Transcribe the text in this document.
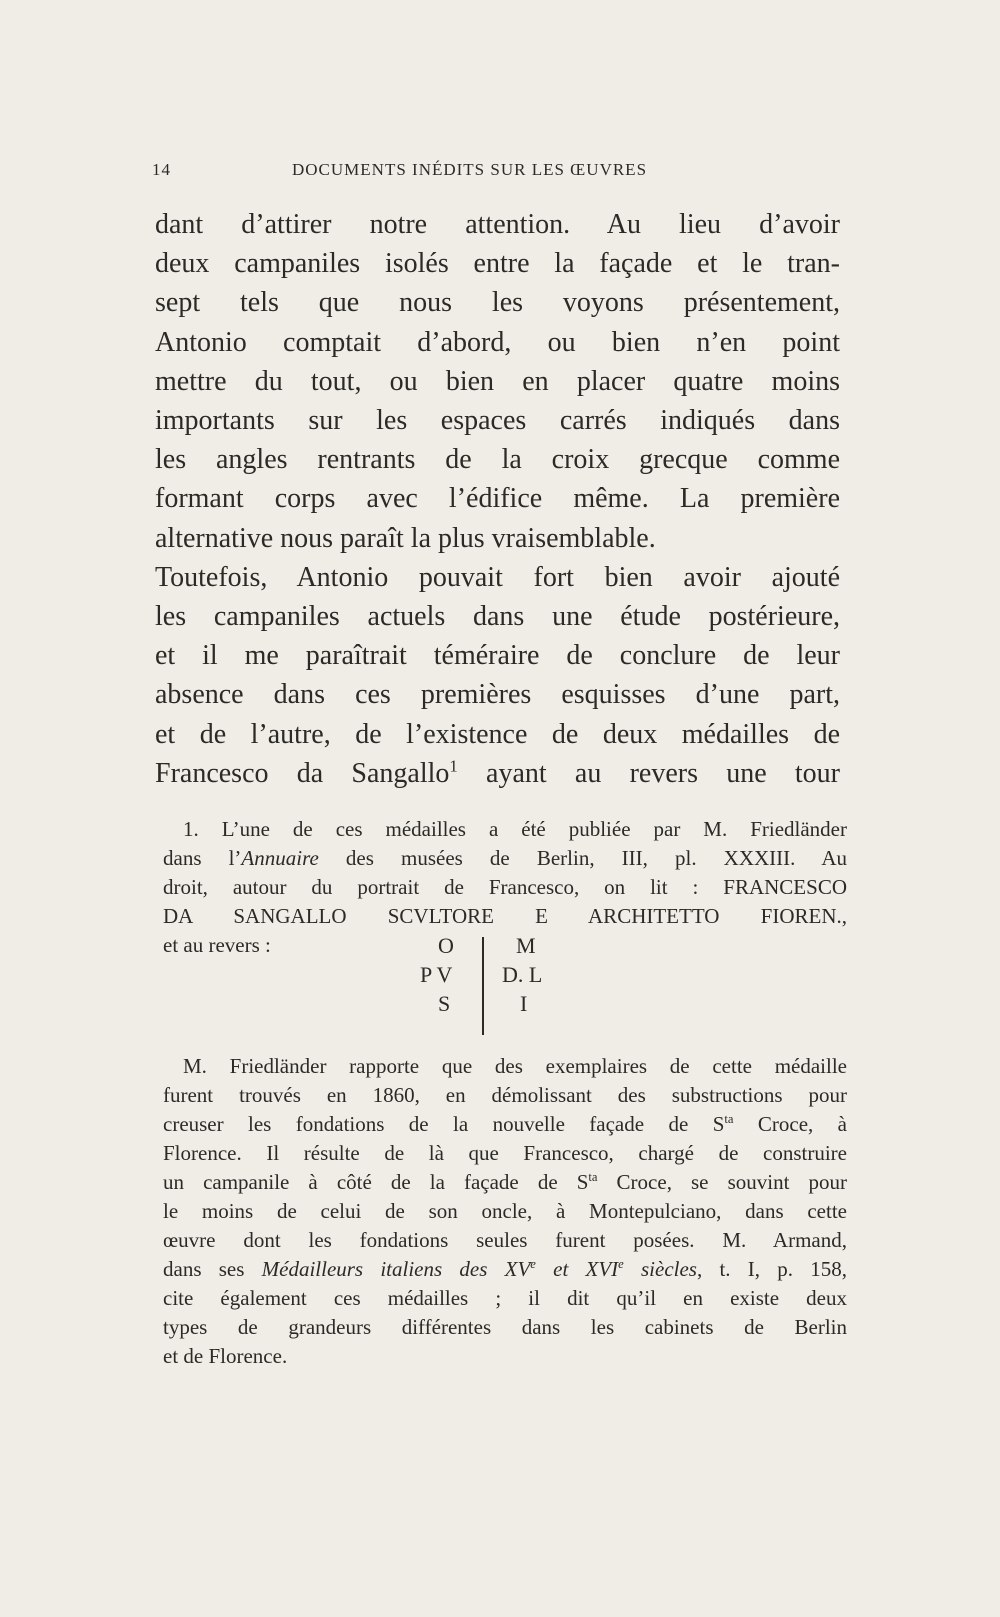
14	DOCUMENTS INÉDITS SUR LES ŒUVRES
dant d’attirer notre attention. Au lieu d’avoir
deux campaniles isolés entre la façade et le tran-
sept tels que nous les voyons présentement,
Antonio comptait d’abord, ou bien n’en point
mettre du tout, ou bien en placer quatre moins
importants sur les espaces carrés indiqués dans
les angles rentrants de la croix grecque comme
formant corps avec l’édifice même. La première
alternative nous paraît la plus vraisemblable.
Toutefois, Antonio pouvait fort bien avoir ajouté
les campaniles actuels dans une étude postérieure,
et il me paraîtrait téméraire de conclure de leur
absence dans ces premières esquisses d’une part,
et de l’autre, de l’existence de deux médailles de
Francesco da Sangallo$^1$ ayant au revers une tour
1. L’une de ces médailles a été publiée par M. Friedländer
dans l’Annuaire des musées de Berlin, III, pl. XXXIII. Au
droit, autour du portrait de Francesco, on lit : FRANCESCO
DA SANGALLO SCVLTORE E ARCHITETTO FIOREN.,
et au revers :	O
P V
S
M
D. L
I
M. Friedländer rapporte que des exemplaires de cette médaille
furent trouvés en 1860, en démolissant des substructions pour
creuser les fondations de la nouvelle façade de $S^{ta}$ Croce, à
Florence. Il résulte de là que Francesco, chargé de construire
un campanile à côté de la façade de $S^{ta}$ Croce, se souvint pour
le moins de celui de son oncle, à Montepulciano, dans cette
œuvre dont les fondations seules furent posées. M. Armand,
dans ses Médailleurs italiens des XVe et XVIe siècles, t. I, p. 158,
cite également ces médailles ; il dit qu’il en existe deux
types de grandeurs différentes dans les cabinets de Berlin
et de Florence.
